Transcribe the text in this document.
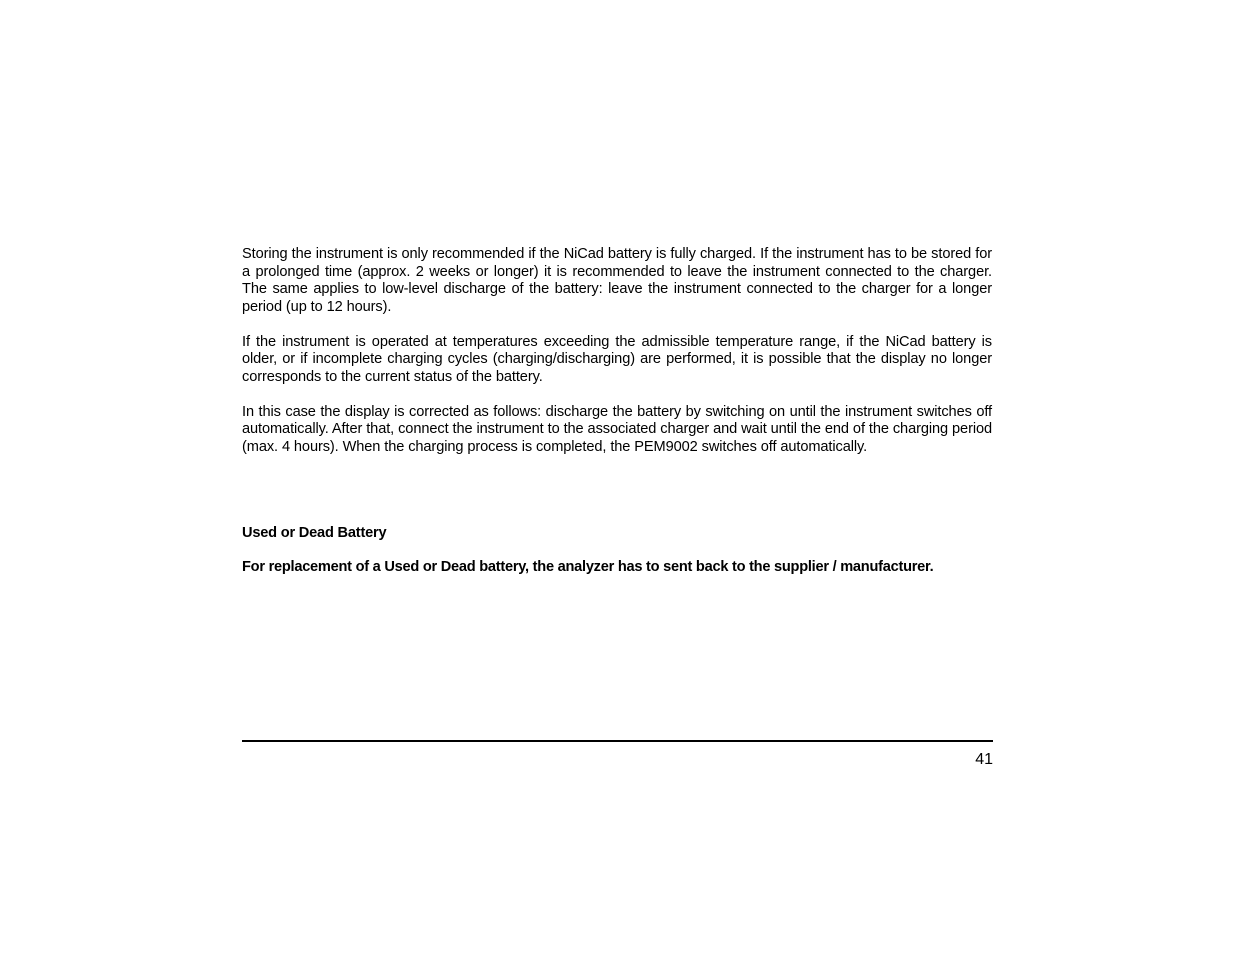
Storing the instrument is only recommended if the NiCad battery is fully charged. If the instrument has to be stored for a prolonged time (approx. 2 weeks or longer) it is recommended to leave the instrument connected to the charger. The same applies to low-level discharge of the battery: leave the instrument connected to the charger for a longer period (up to 12 hours).

If the instrument is operated at temperatures exceeding the admissible temperature range, if the NiCad battery is older, or if incomplete charging cycles (charging/discharging) are performed, it is possible that the display no longer corresponds to the current status of the battery.

In this case the display is corrected as follows: discharge the battery by switching on until the instrument switches off automatically. After that, connect the instrument to the associated charger and wait until the end of the charging period (max. 4 hours). When the charging process is completed, the PEM9002 switches off automatically.

Used or Dead Battery

For replacement of a Used or Dead battery, the analyzer has to sent back to the supplier / manufacturer.

41
